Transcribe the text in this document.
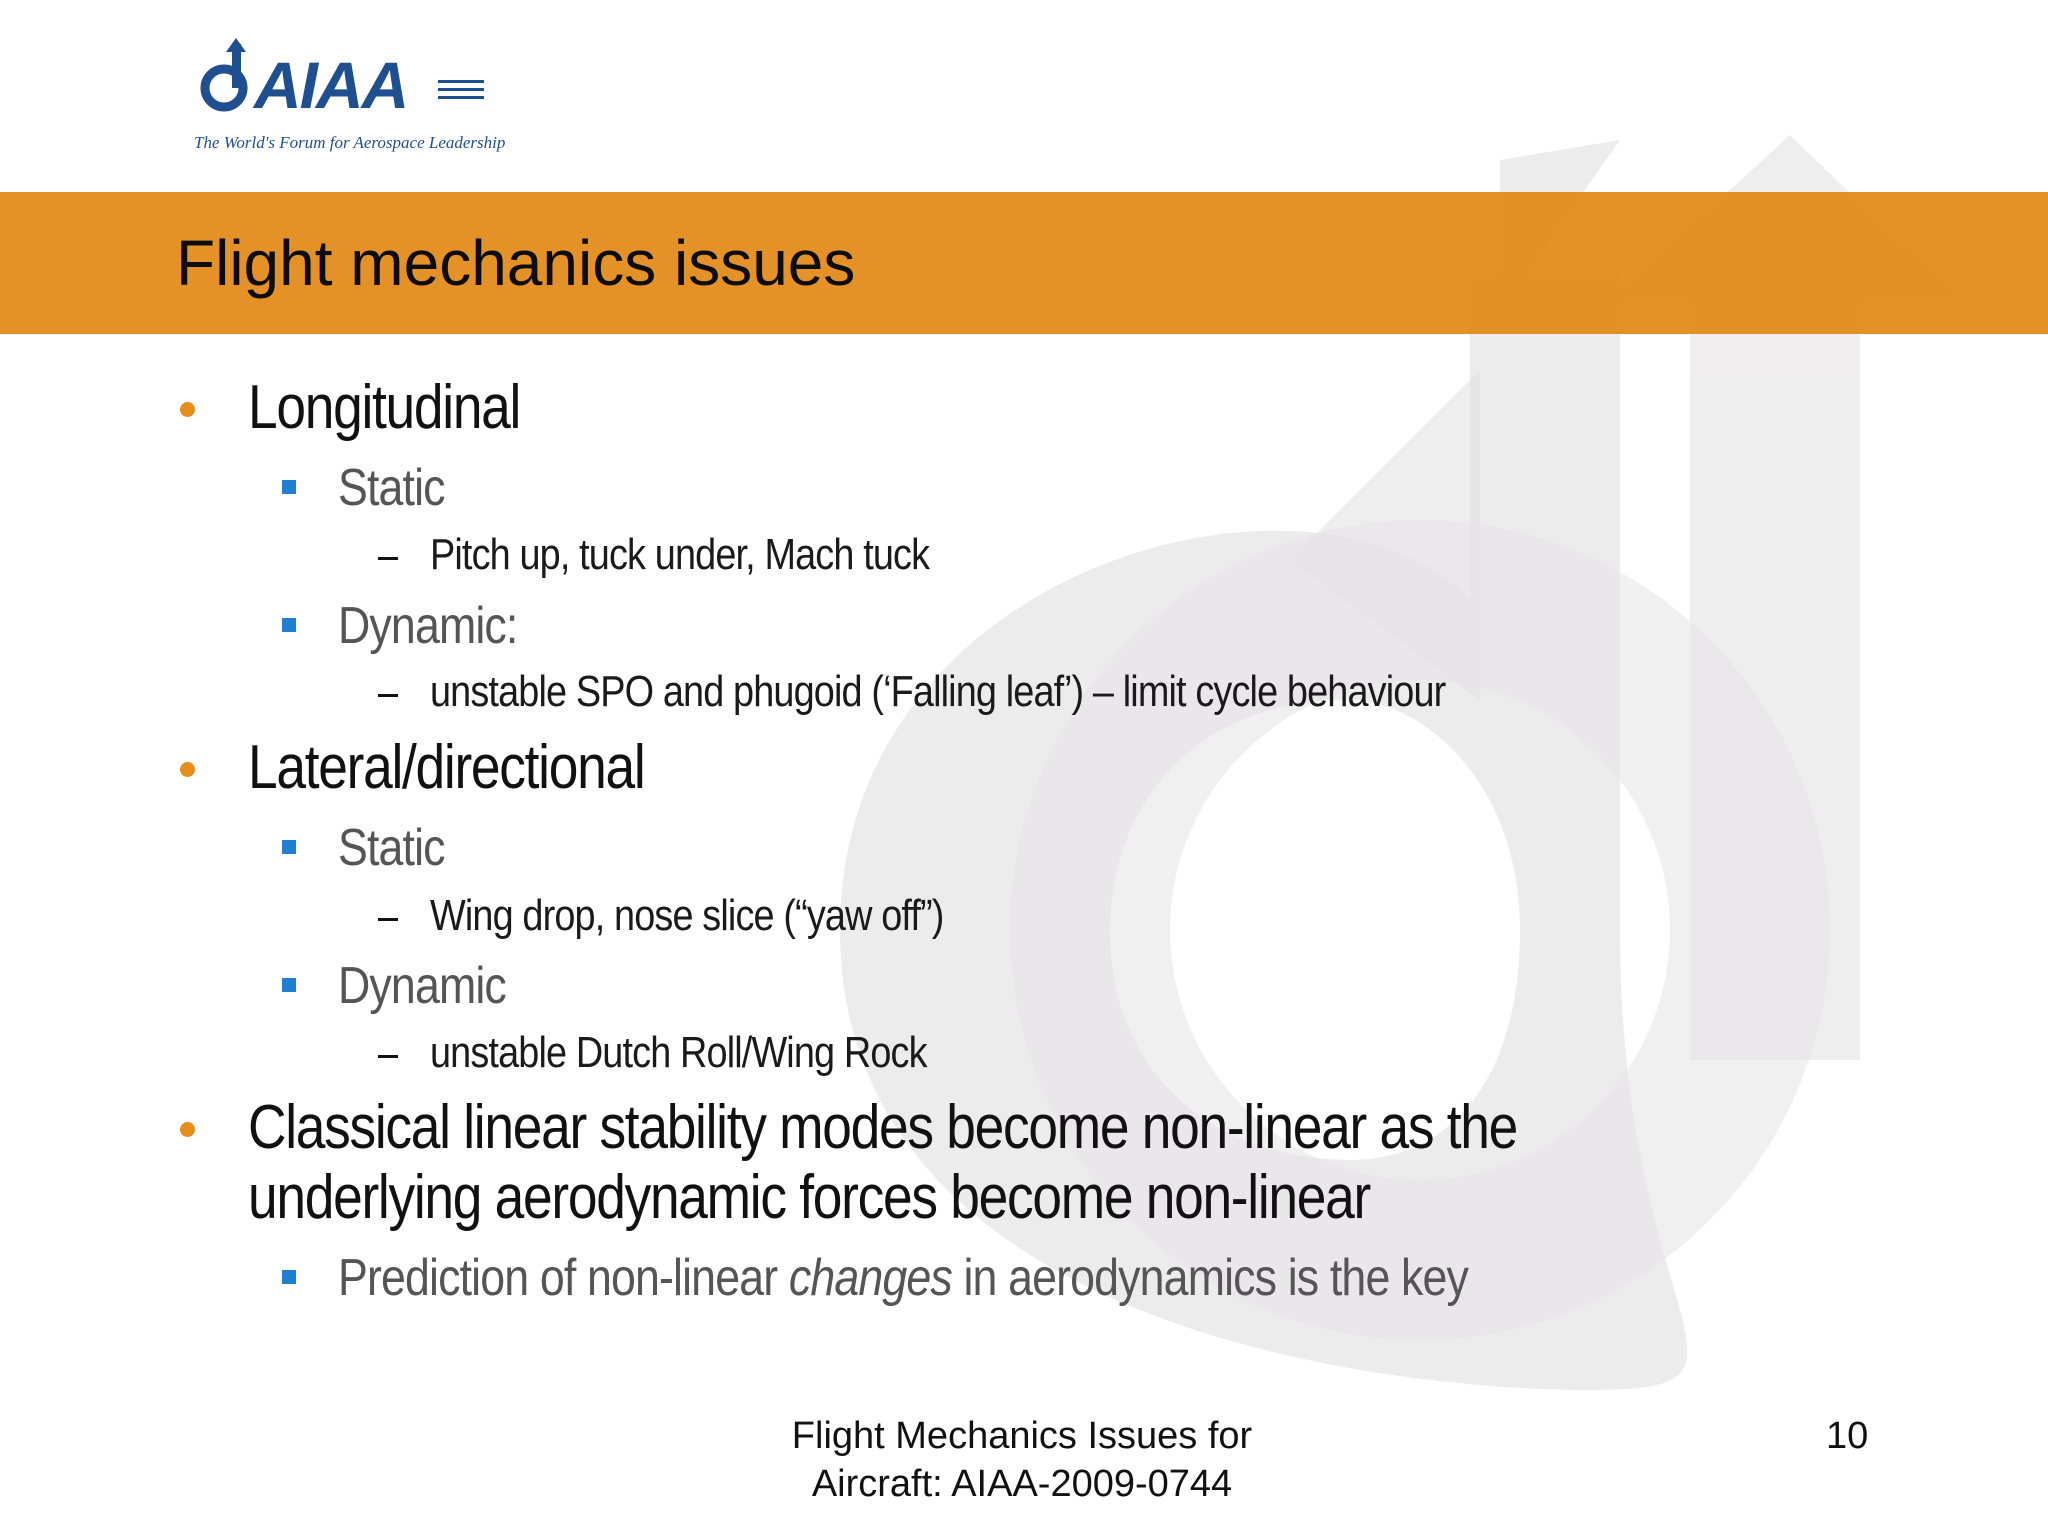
AIAA
The World's Forum for Aerospace Leadership
Flight mechanics issues
Longitudinal
Static
Pitch up, tuck under, Mach tuck
Dynamic:
unstable SPO and phugoid (‘Falling leaf’) – limit cycle behaviour
Lateral/directional
Static
Wing drop, nose slice (“yaw off”)
Dynamic
unstable Dutch Roll/Wing Rock
Classical linear stability modes become non-linear as the
underlying aerodynamic forces become non-linear
Prediction of non-linear changes in aerodynamics is the key
Flight Mechanics Issues for
Aircraft: AIAA-2009-0744
10
